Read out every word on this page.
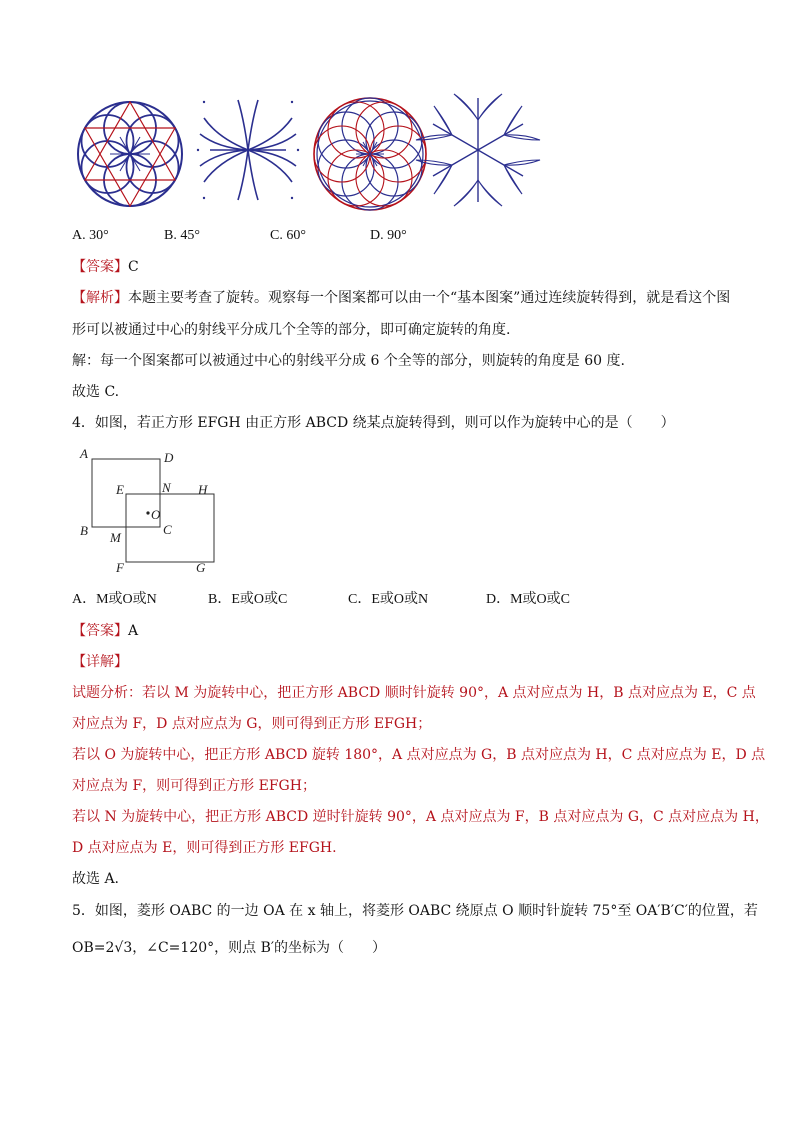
A. 30°	B. 45°	C. 60°	D. 90°
【答案】C
【解析】本题主要考查了旋转。观察每一个图案都可以由一个“基本图案”通过连续旋转得到，就是看这个图
形可以被通过中心的射线平分成几个全等的部分，即可确定旋转的角度.
解：每一个图案都可以被通过中心的射线平分成 6 个全等的部分，则旋转的角度是 60 度.
故选 C.
4．如图，若正方形 EFGH 由正方形 ABCD 绕某点旋转得到，则可以作为旋转中心的是（　　）
A	D
E	N H
O
C
B M
F	G
A．M或O或N	B．E或O或C	C．E或O或N	D．M或O或C
【答案】A
【详解】
试题分析：若以 M 为旋转中心，把正方形 ABCD 顺时针旋转 90°，A 点对应点为 H，B 点对应点为 E，C 点
对应点为 F，D 点对应点为 G，则可得到正方形 EFGH；
若以 O 为旋转中心，把正方形 ABCD 旋转 180°，A 点对应点为 G，B 点对应点为 H，C 点对应点为 E，D 点
对应点为 F，则可得到正方形 EFGH；
若以 N 为旋转中心，把正方形 ABCD 逆时针旋转 90°，A 点对应点为 F，B 点对应点为 G，C 点对应点为 H，
D 点对应点为 E，则可得到正方形 EFGH.
故选 A.
5．如图，菱形 OABC 的一边 OA 在 x 轴上，将菱形 OABC 绕原点 O 顺时针旋转 75°至 OA′B′C′的位置，若
OB=2√3，∠C=120°，则点 B′的坐标为（　　）
